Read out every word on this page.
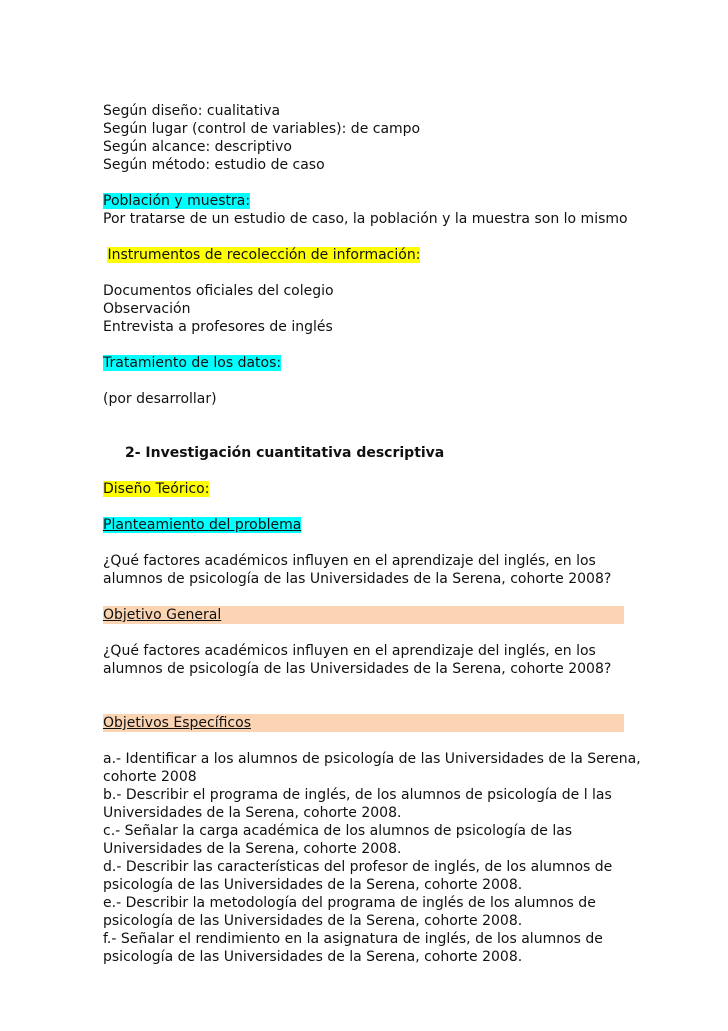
Según diseño: cualitativa
Según lugar (control de variables): de campo
Según alcance: descriptivo
Según método: estudio de caso
Población y muestra:
Por tratarse de un estudio de caso, la población y la muestra son lo mismo
Instrumentos de recolección de información:
Documentos oficiales del colegio
Observación
Entrevista a profesores de inglés
Tratamiento de los datos:
(por desarrollar)
2- Investigación cuantitativa descriptiva
Diseño Teórico:
Planteamiento del problema
¿Qué factores académicos influyen en el aprendizaje del inglés, en los
alumnos de psicología de las Universidades de la Serena, cohorte 2008?
Objetivo General
¿Qué factores académicos influyen en el aprendizaje del inglés, en los
alumnos de psicología de las Universidades de la Serena, cohorte 2008?
Objetivos Específicos
a.- Identificar a los alumnos de psicología de las Universidades de la Serena,
cohorte 2008
b.- Describir el programa de inglés, de los alumnos de psicología de l las
Universidades de la Serena, cohorte 2008.
c.- Señalar la carga académica de los alumnos de psicología de las
Universidades de la Serena, cohorte 2008.
d.- Describir las características del profesor de inglés, de los alumnos de
psicología de las Universidades de la Serena, cohorte 2008.
e.- Describir la metodología del programa de inglés de los alumnos de
psicología de las Universidades de la Serena, cohorte 2008.
f.- Señalar el rendimiento en la asignatura de inglés, de los alumnos de
psicología de las Universidades de la Serena, cohorte 2008.
